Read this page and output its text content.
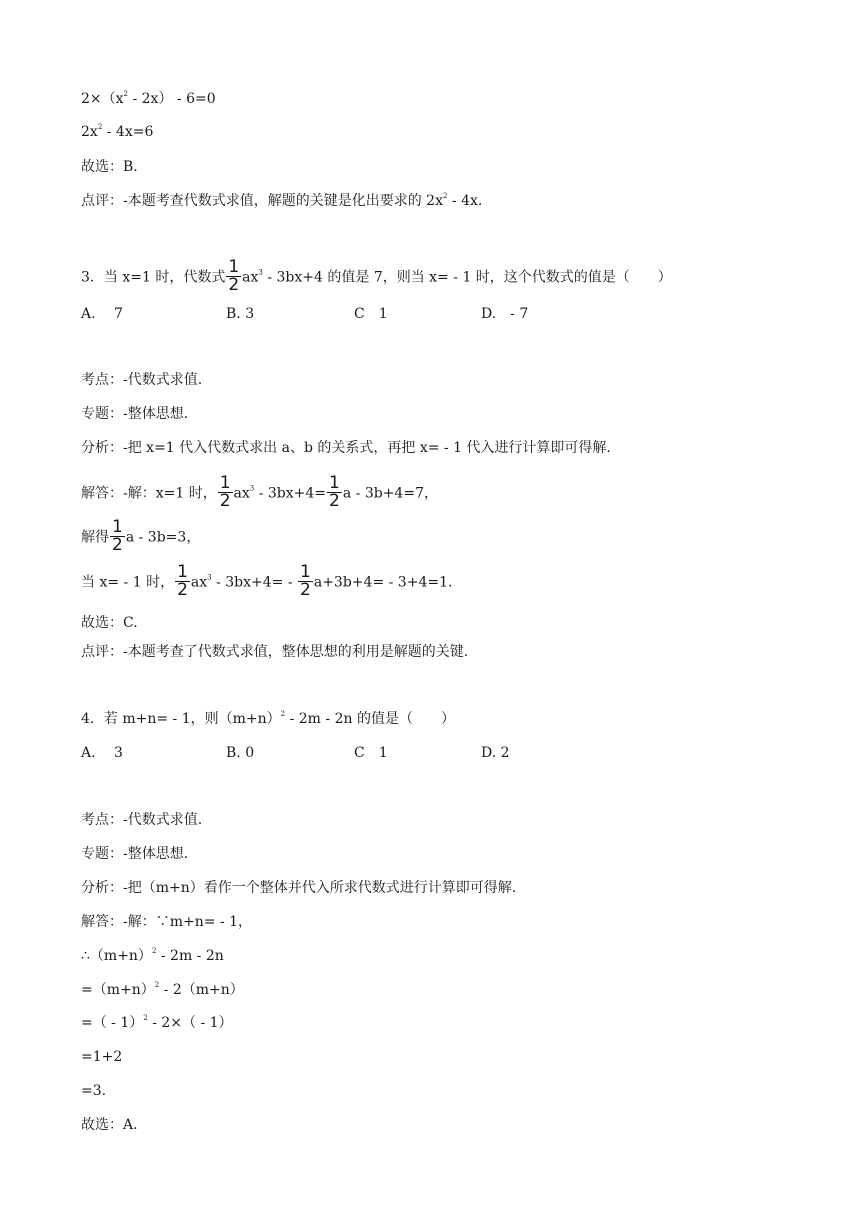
$2\times(x^2 - 2x) - 6=0$
$2x^2 - 4x=6$
故选：B.
点评：-本题考查代数式求值，解题的关键是化出要求的 $2x^2 - 4x$.
3．当 x=1 时，代数式 $\frac{1}{2} ax^3 - 3bx+4$ 的值是 7，则当 x= - 1 时，这个代数式的值是（　　）
A.　 7	B. 3	C　1	D.　- 7
考点：-代数式求值.
专题：-整体思想.
分析：-把 x=1 代入代数式求出 a、b 的关系式，再把 x= - 1 代入进行计算即可得解.
解答：-解：x=1 时， $\frac{1}{2} ax^3 - 3bx+4= \frac{1}{2}$ a - 3b+4=7，
解得 $\frac{1}{2}$ a - 3b=3，
当 x= - 1 时， $\frac{1}{2} ax^3 - 3bx+4= - \frac{1}{2} a+3b+4= - 3+4=1$.
故选：C.
点评：-本题考查了代数式求值，整体思想的利用是解题的关键.
4．若 m+n= - 1，则$(m+n)^2 - 2m - 2n$ 的值是（　　）
A.　 3	B. 0	C　1	D. 2
考点：-代数式求值.
专题：-整体思想.
分析：-把（m+n）看作一个整体并代入所求代数式进行计算即可得解.
解答：-解：∵m+n= - 1，
$\therefore(m+n)^2 - 2m - 2n$
$=(m+n)^2 - 2(m+n)$
=（ - 1）$^2$ - 2×（ - 1）
=1+2
=3.
故选：A.
